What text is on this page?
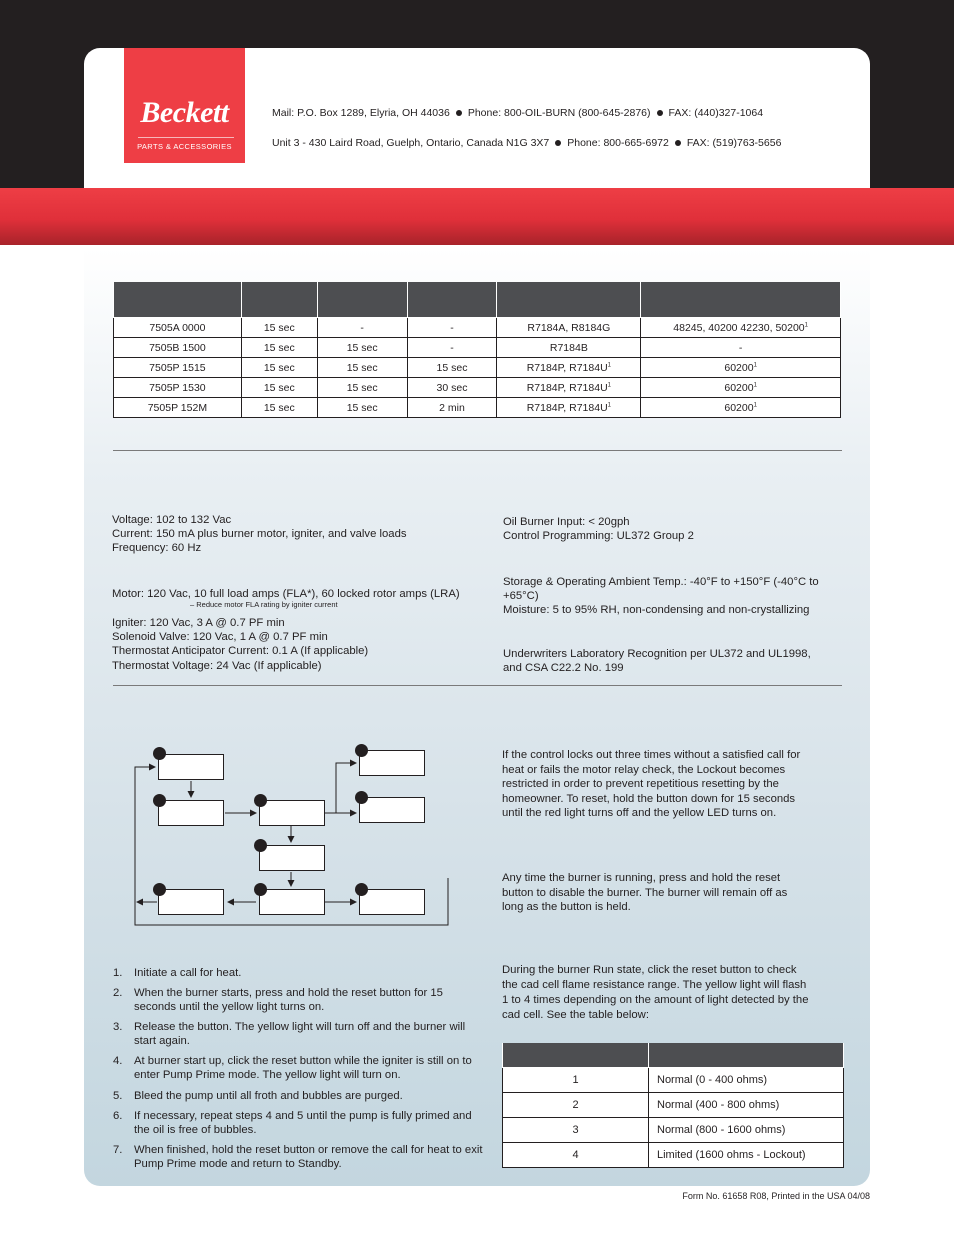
Beckett
PARTS & ACCESSORIES
Mail: P.O. Box 1289, Elyria, OH 44036 Phone: 800-OIL-BURN (800-645-2876) FAX: (440)327-1064
Unit 3 - 430 Laird Road, Guelph, Ontario, Canada N1G 3X7 Phone: 800-665-6972 FAX: (519)763-5656

7505A 0000	15 sec	-	-	R7184A, R8184G	48245, 40200 42230, 50200$^1$
7505B 1500	15 sec	15 sec	-	R7184B	-
7505P 1515	15 sec	15 sec	15 sec	R7184P, $R7184U^1$	60200$^1$
7505P 1530	15 sec	15 sec	30 sec	R7184P, $R7184U^1$	60200$^1$
7505P 152M	15 sec	15 sec	2 min	R7184P, $R7184U^1$	60200$^1$
Voltage: 102 to 132 Vac
Current: 150 mA plus burner motor, igniter, and valve loads
Frequency: 60 Hz
Motor: 120 Vac, 10 full load amps (FLA*), 60 locked rotor amps (LRA)
– Reduce motor FLA rating by igniter current
Igniter: 120 Vac, 3 A @ 0.7 PF min
Solenoid Valve: 120 Vac, 1 A @ 0.7 PF min
Thermostat Anticipator Current: 0.1 A (If applicable)
Thermostat Voltage: 24 Vac (If applicable)
Oil Burner Input: < 20gph
Control Programming: UL372 Group 2
Storage & Operating Ambient Temp.: -40°F to +150°F (-40°C to
+65°C)
Moisture: 5 to 95% RH, non-condensing and non-crystallizing
Underwriters Laboratory Recognition per UL372 and UL1998,
and CSA C22.2 No. 199
If the control locks out three times without a satisfied call for
heat or fails the motor relay check, the Lockout becomes
restricted in order to prevent repetitious resetting by the
homeowner. To reset, hold the button down for 15 seconds
until the red light turns off and the yellow LED turns on.
Any time the burner is running, press and hold the reset
button to disable the burner. The burner will remain off as
long as the button is held.
1. Initiate a call for heat.
2. When the burner starts, press and hold the reset button for 15 seconds until the yellow light turns on.
3. Release the button. The yellow light will turn off and the burner will start again.
4. At burner start up, click the reset button while the igniter is still on to enter Pump Prime mode. The yellow light will turn on.
5. Bleed the pump until all froth and bubbles are purged.
6. If necessary, repeat steps 4 and 5 until the pump is fully primed and the oil is free of bubbles.
7. When finished, hold the reset button or remove the call for heat to exit Pump Prime mode and return to Standby.
During the burner Run state, click the reset button to check
the cad cell flame resistance range. The yellow light will flash
1 to 4 times depending on the amount of light detected by the
cad cell. See the table below:

1	Normal (0 - 400 ohms)
2	Normal (400 - 800 ohms)
3	Normal (800 - 1600 ohms)
4	Limited (1600 ohms - Lockout)
Form No. 61658 R08, Printed in the USA 04/08
